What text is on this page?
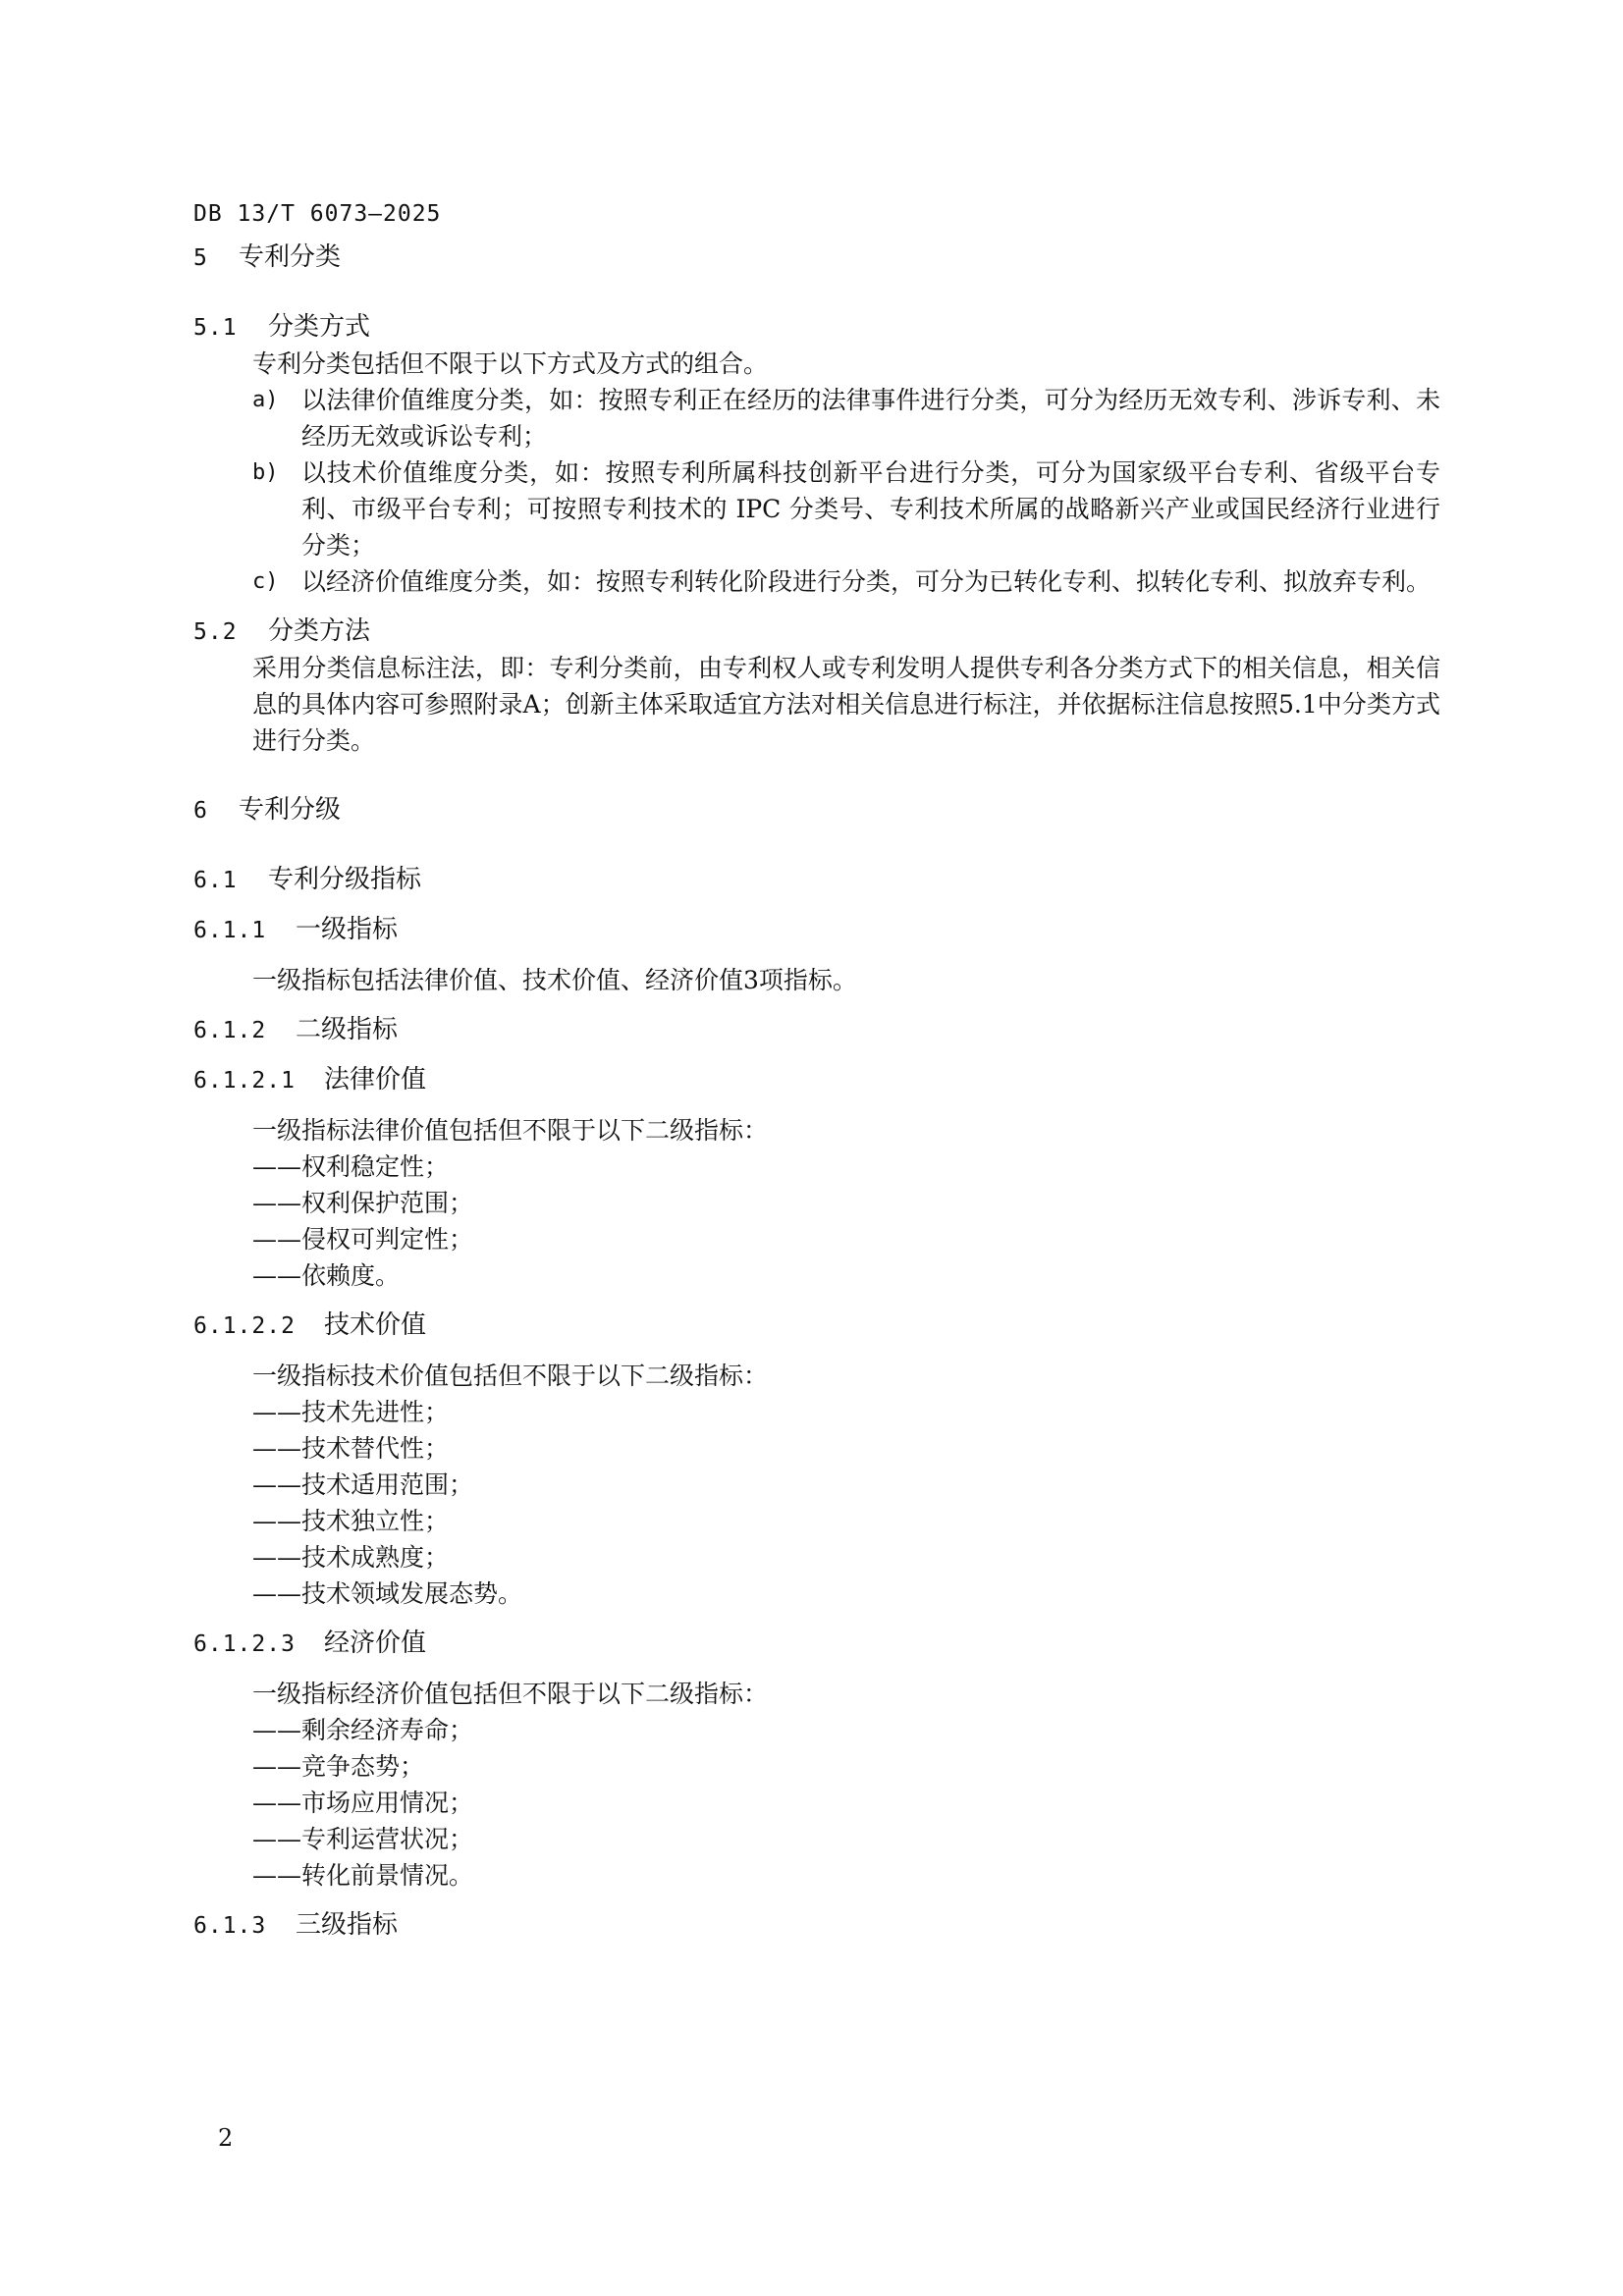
DB 13/T 6073—2025
5 专利分类
5.1 分类方式

专利分类包括但不限于以下方式及方式的组合。

a) 以法律价值维度分类，如：按照专利正在经历的法律事件进行分类，可分为经历无效专利、涉诉专利、未经历无效或诉讼专利；
b) 以技术价值维度分类，如：按照专利所属科技创新平台进行分类，可分为国家级平台专利、省级平台专利、市级平台专利；可按照专利技术的 IPC 分类号、专利技术所属的战略新兴产业或国民经济行业进行分类；
c) 以经济价值维度分类，如：按照专利转化阶段进行分类，可分为已转化专利、拟转化专利、拟放弃专利。
5.2 分类方法

采用分类信息标注法，即：专利分类前，由专利权人或专利发明人提供专利各分类方式下的相关信息，相关信息的具体内容可参照附录A；创新主体采取适宜方法对相关信息进行标注，并依据标注信息按照5.1中分类方式进行分类。

6 专利分级
6.1 专利分级指标
6.1.1 一级指标

一级指标包括法律价值、技术价值、经济价值3项指标。

6.1.2 二级指标
6.1.2.1 法律价值

一级指标法律价值包括但不限于以下二级指标：

——权利稳定性；

——权利保护范围；

——侵权可判定性；

——依赖度。

6.1.2.2 技术价值

一级指标技术价值包括但不限于以下二级指标：

——技术先进性；

——技术替代性；

——技术适用范围；

——技术独立性；

——技术成熟度；

——技术领域发展态势。

6.1.2.3 经济价值

一级指标经济价值包括但不限于以下二级指标：

——剩余经济寿命；

——竞争态势；

——市场应用情况；

——专利运营状况；

——转化前景情况。

6.1.3 三级指标
2
